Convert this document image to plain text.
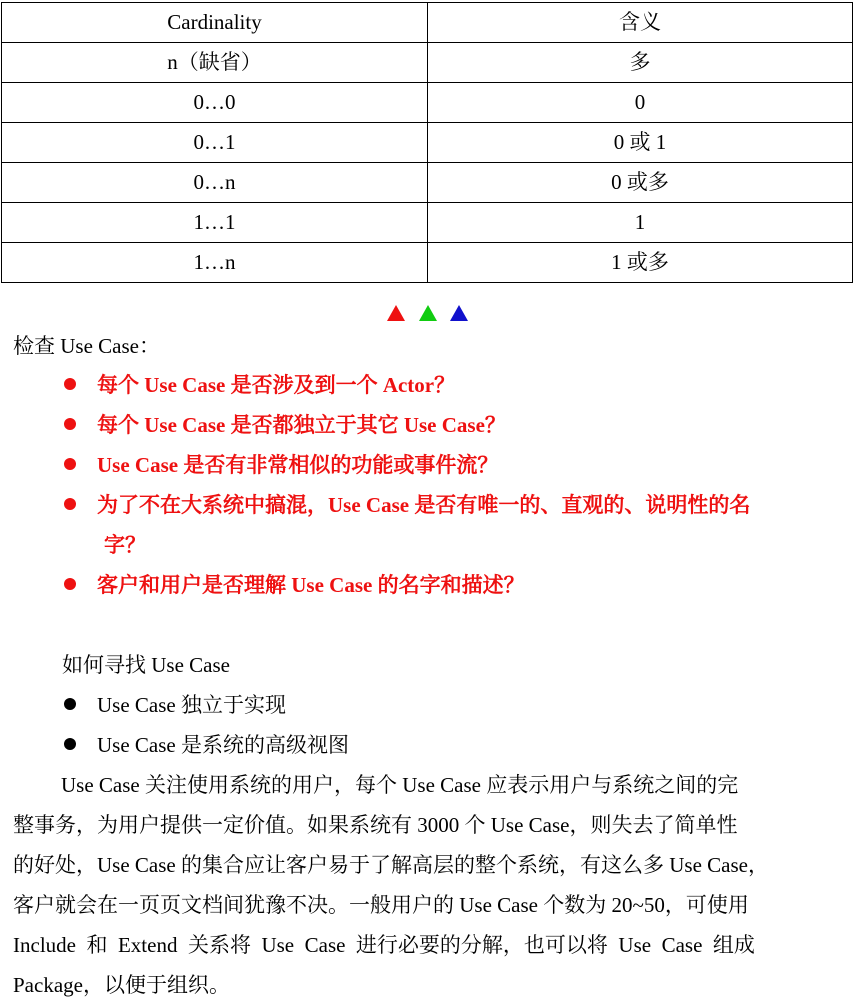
Cardinality	含义
n（缺省）	多
0…0	0
0…1	0 或 1
0…n	0 或多
1…1	1
1…n	1 或多
检查 Use Case：
每个 Use Case 是否涉及到一个 Actor？
每个 Use Case 是否都独立于其它 Use Case？
Use Case 是否有非常相似的功能或事件流？
为了不在大系统中搞混，Use Case 是否有唯一的、直观的、说明性的名
字？
客户和用户是否理解 Use Case 的名字和描述？
如何寻找 Use Case
Use Case 独立于实现
Use Case 是系统的高级视图
Use Case 关注使用系统的用户，每个 Use Case 应表示用户与系统之间的完
整事务，为用户提供一定价值。如果系统有 3000 个 Use Case，则失去了简单性
的好处，Use Case 的集合应让客户易于了解高层的整个系统，有这么多 Use Case，
客户就会在一页页文档间犹豫不决。一般用户的 Use Case 个数为 20~50，可使用
Include  和  Extend  关系将  Use  Case  进行必要的分解，也可以将  Use  Case  组成
Package，以便于组织。
